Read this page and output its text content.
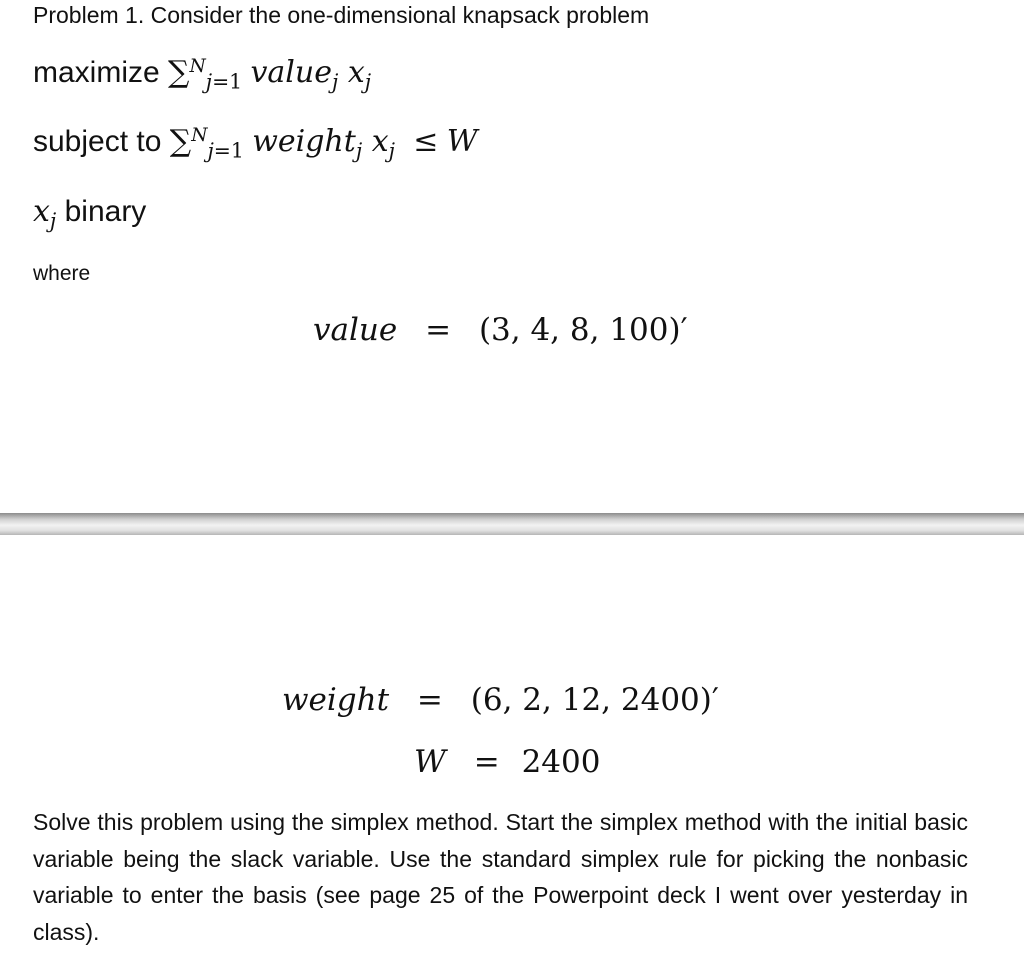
Problem 1. Consider the one-dimensional knapsack problem
maximize ∑$^N_{j=1}$ value$_j$ $x_j$
subject to ∑$^N_{j=1}$ weight$_j$ $x_j \le W$
$x_j$ binary
where
value = (3, 4, 8, 100)′
weight = (6, 2, 12, 2400)′
W = 2400
Solve this problem using the simplex method. Start the simplex method with the initial basic variable being the slack variable. Use the standard simplex rule for picking the nonbasic variable to enter the basis (see page 25 of the Powerpoint deck I went over yesterday in class).
